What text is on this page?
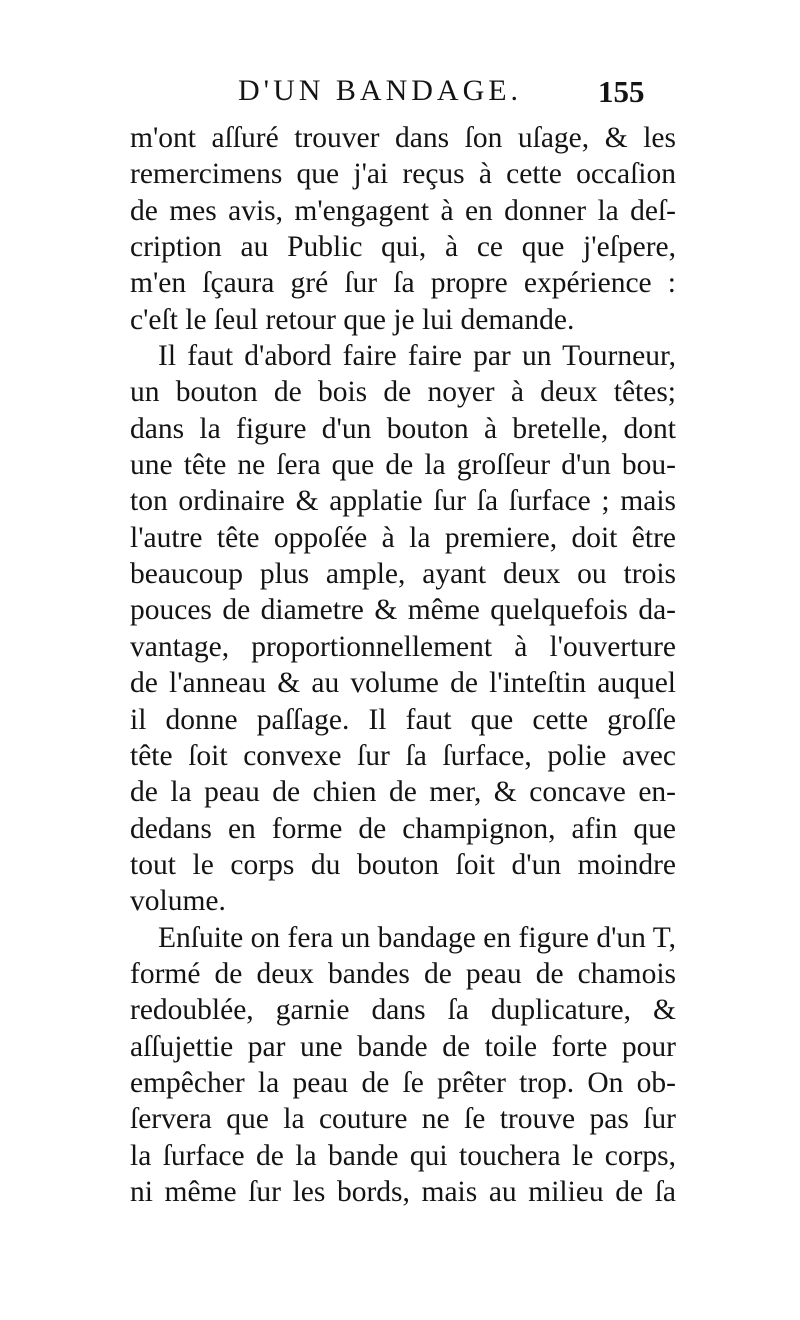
D'UN BANDAGE. 155
m'ont aſſuré trouver dans ſon uſage, & les
remercimens que j'ai reçus à cette occaſion
de mes avis, m'engagent à en donner la deſ-
cription au Public qui, à ce que j'eſpere,
m'en ſçaura gré ſur ſa propre expérience :
c'eſt le ſeul retour que je lui demande.
Il faut d'abord faire faire par un Tourneur,
un bouton de bois de noyer à deux têtes;
dans la figure d'un bouton à bretelle, dont
une tête ne ſera que de la groſſeur d'un bou-
ton ordinaire & applatie ſur ſa ſurface ; mais
l'autre tête oppoſée à la premiere, doit être
beaucoup plus ample, ayant deux ou trois
pouces de diametre & même quelquefois da-
vantage, proportionnellement à l'ouverture
de l'anneau & au volume de l'inteſtin auquel
il donne paſſage. Il faut que cette groſſe
tête ſoit convexe ſur ſa ſurface, polie avec
de la peau de chien de mer, & concave en-
dedans en forme de champignon, afin que
tout le corps du bouton ſoit d'un moindre
volume.
Enſuite on fera un bandage en figure d'un T,
formé de deux bandes de peau de chamois
redoublée, garnie dans ſa duplicature, &
aſſujettie par une bande de toile forte pour
empêcher la peau de ſe prêter trop. On ob-
ſervera que la couture ne ſe trouve pas ſur
la ſurface de la bande qui touchera le corps,
ni même ſur les bords, mais au milieu de ſa
